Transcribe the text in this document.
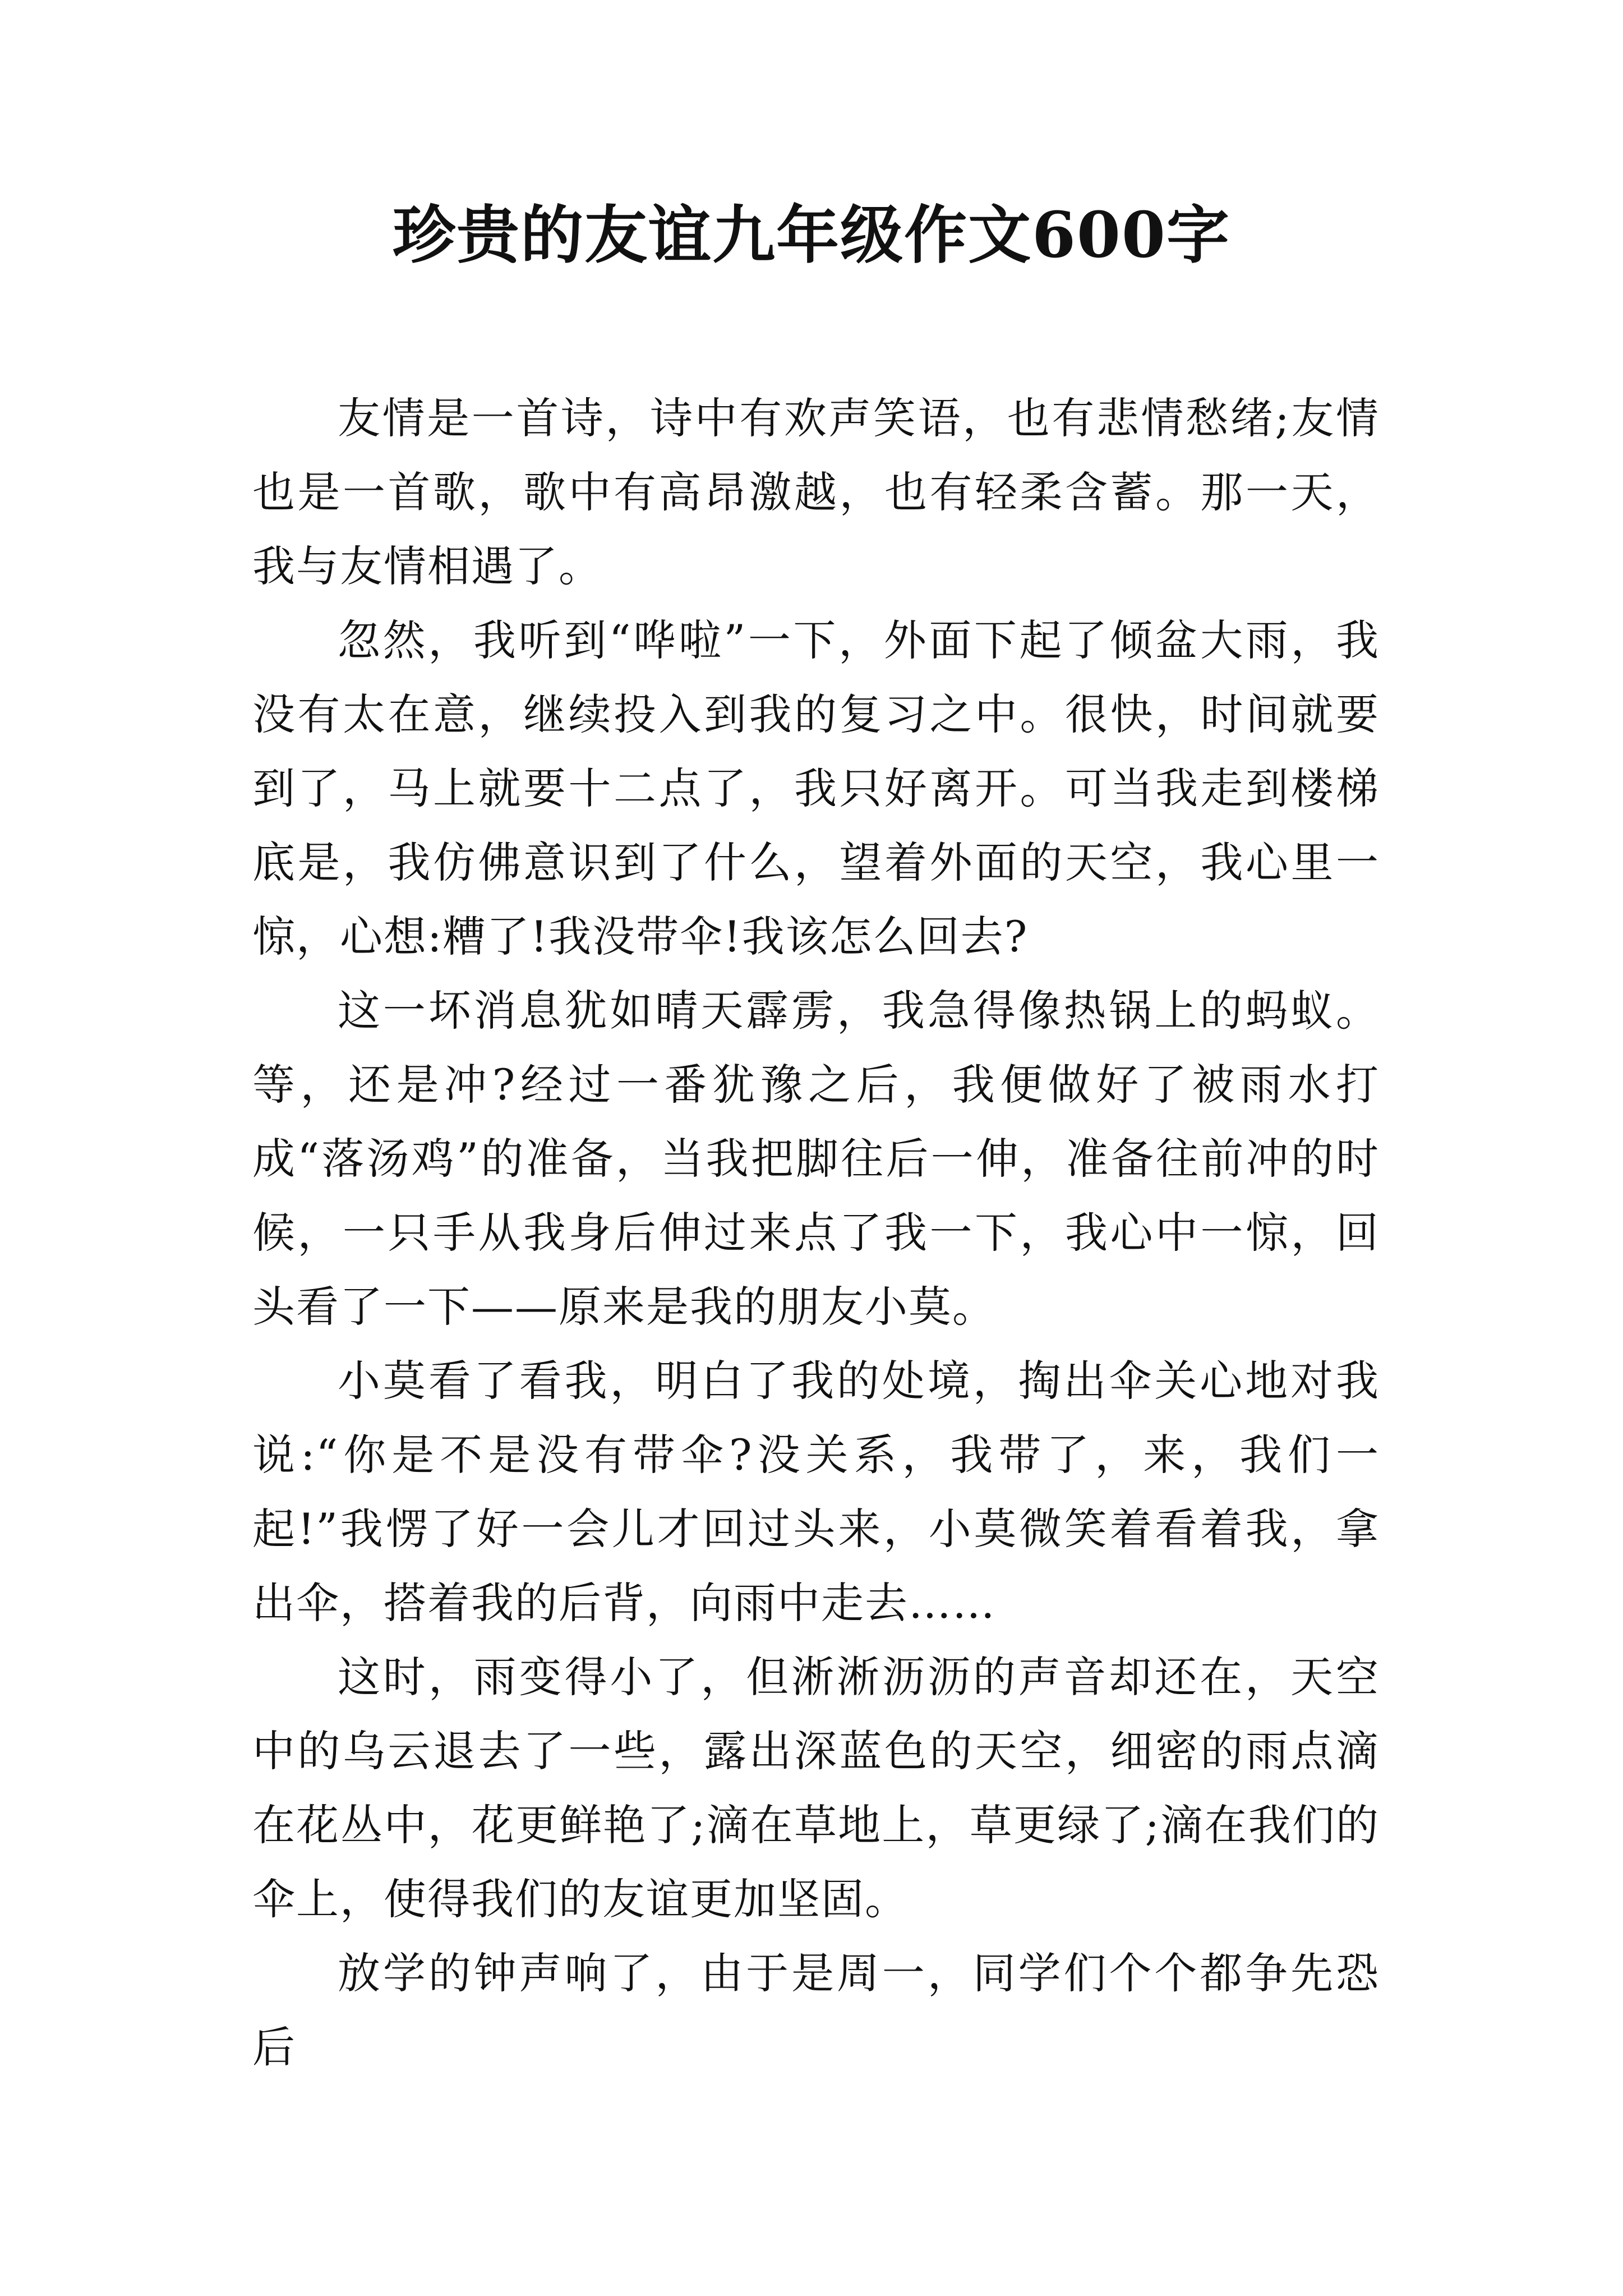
珍贵的友谊九年级作文600字

友情是一首诗，诗中有欢声笑语，也有悲情愁绪;友情也是一首歌，歌中有高昂激越，也有轻柔含蓄。那一天，我与友情相遇了。

忽然，我听到“哗啦”一下，外面下起了倾盆大雨，我没有太在意，继续投入到我的复习之中。很快，时间就要到了，马上就要十二点了，我只好离开。可当我走到楼梯底是，我仿佛意识到了什么，望着外面的天空，我心里一惊，心想:糟了!我没带伞!我该怎么回去?

这一坏消息犹如晴天霹雳，我急得像热锅上的蚂蚁。等，还是冲?经过一番犹豫之后，我便做好了被雨水打成“落汤鸡”的准备，当我把脚往后一伸，准备往前冲的时候，一只手从我身后伸过来点了我一下，我心中一惊，回头看了一下——原来是我的朋友小莫。

小莫看了看我，明白了我的处境，掏出伞关心地对我说:“你是不是没有带伞?没关系，我带了，来，我们一起!”我愣了好一会儿才回过头来，小莫微笑着看着我，拿出伞，搭着我的后背，向雨中走去……

这时，雨变得小了，但淅淅沥沥的声音却还在，天空中的乌云退去了一些，露出深蓝色的天空，细密的雨点滴在花丛中，花更鲜艳了;滴在草地上，草更绿了;滴在我们的伞上，使得我们的友谊更加坚固。

放学的钟声响了，由于是周一，同学们个个都争先恐后
